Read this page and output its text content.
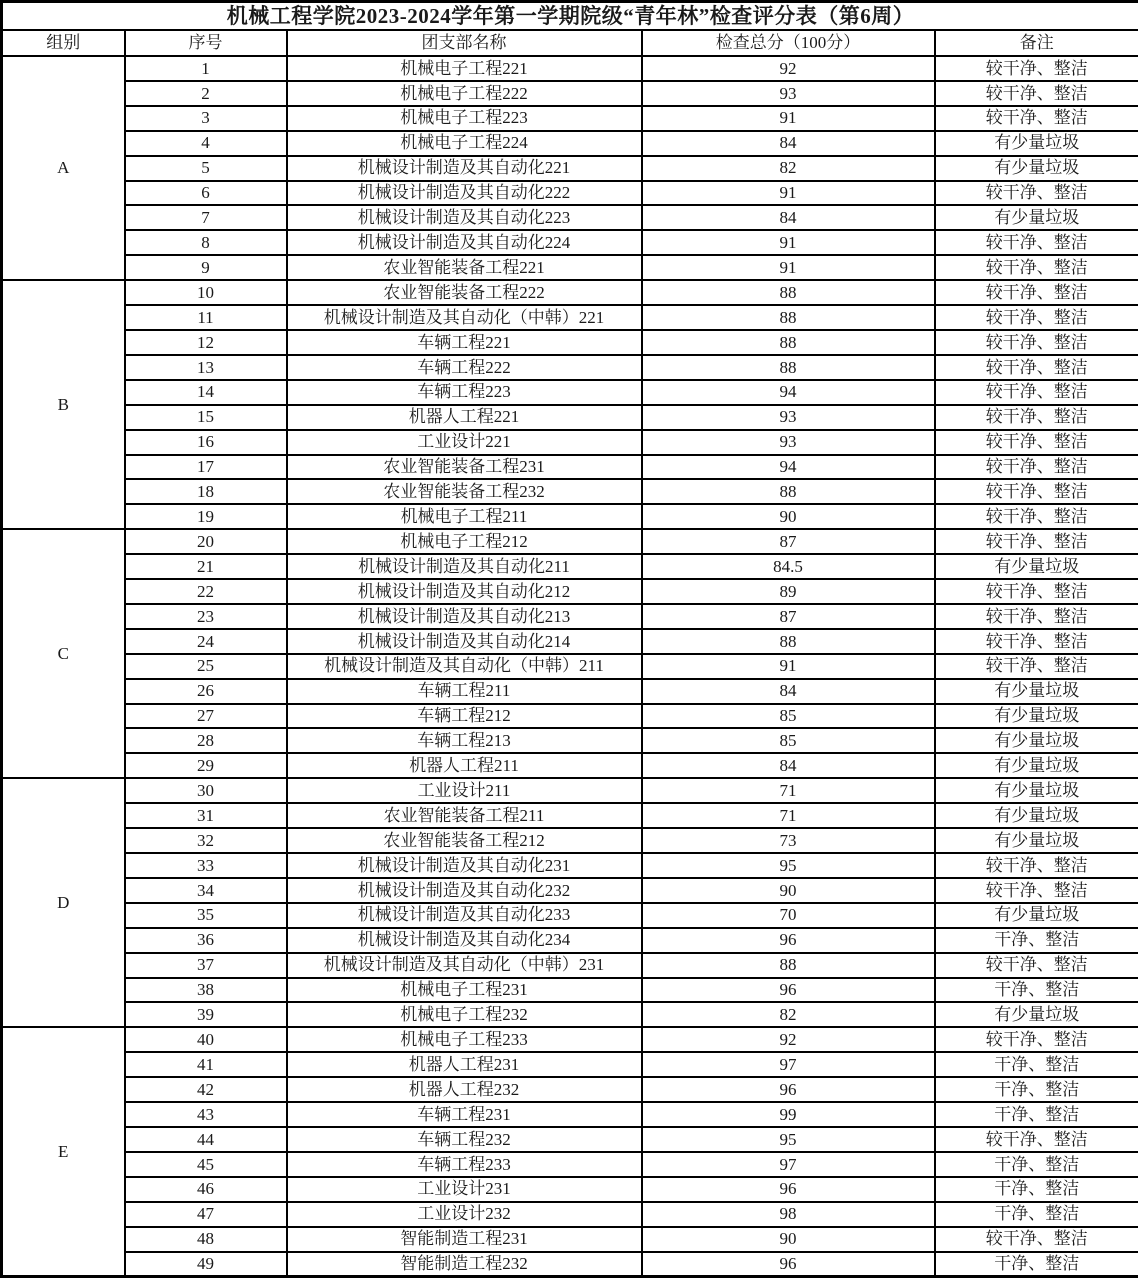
机械工程学院2023-2024学年第一学期院级“青年林”检查评分表（第6周）				
组别	序号	团支部名称	检查总分（100分）	备注
A	1	机械电子工程221	92	较干净、整洁
	2	机械电子工程222	93	较干净、整洁
	3	机械电子工程223	91	较干净、整洁
	4	机械电子工程224	84	有少量垃圾
	5	机械设计制造及其自动化221	82	有少量垃圾
	6	机械设计制造及其自动化222	91	较干净、整洁
	7	机械设计制造及其自动化223	84	有少量垃圾
	8	机械设计制造及其自动化224	91	较干净、整洁
	9	农业智能装备工程221	91	较干净、整洁
B	10	农业智能装备工程222	88	较干净、整洁
	11	机械设计制造及其自动化（中韩）221	88	较干净、整洁
	12	车辆工程221	88	较干净、整洁
	13	车辆工程222	88	较干净、整洁
	14	车辆工程223	94	较干净、整洁
	15	机器人工程221	93	较干净、整洁
	16	工业设计221	93	较干净、整洁
	17	农业智能装备工程231	94	较干净、整洁
	18	农业智能装备工程232	88	较干净、整洁
	19	机械电子工程211	90	较干净、整洁
C	20	机械电子工程212	87	较干净、整洁
	21	机械设计制造及其自动化211	84.5	有少量垃圾
	22	机械设计制造及其自动化212	89	较干净、整洁
	23	机械设计制造及其自动化213	87	较干净、整洁
	24	机械设计制造及其自动化214	88	较干净、整洁
	25	机械设计制造及其自动化（中韩）211	91	较干净、整洁
	26	车辆工程211	84	有少量垃圾
	27	车辆工程212	85	有少量垃圾
	28	车辆工程213	85	有少量垃圾
	29	机器人工程211	84	有少量垃圾
D	30	工业设计211	71	有少量垃圾
	31	农业智能装备工程211	71	有少量垃圾
	32	农业智能装备工程212	73	有少量垃圾
	33	机械设计制造及其自动化231	95	较干净、整洁
	34	机械设计制造及其自动化232	90	较干净、整洁
	35	机械设计制造及其自动化233	70	有少量垃圾
	36	机械设计制造及其自动化234	96	干净、整洁
	37	机械设计制造及其自动化（中韩）231	88	较干净、整洁
	38	机械电子工程231	96	干净、整洁
	39	机械电子工程232	82	有少量垃圾
E	40	机械电子工程233	92	较干净、整洁
	41	机器人工程231	97	干净、整洁
	42	机器人工程232	96	干净、整洁
	43	车辆工程231	99	干净、整洁
	44	车辆工程232	95	较干净、整洁
	45	车辆工程233	97	干净、整洁
	46	工业设计231	96	干净、整洁
	47	工业设计232	98	干净、整洁
	48	智能制造工程231	90	较干净、整洁
	49	智能制造工程232	96	干净、整洁
